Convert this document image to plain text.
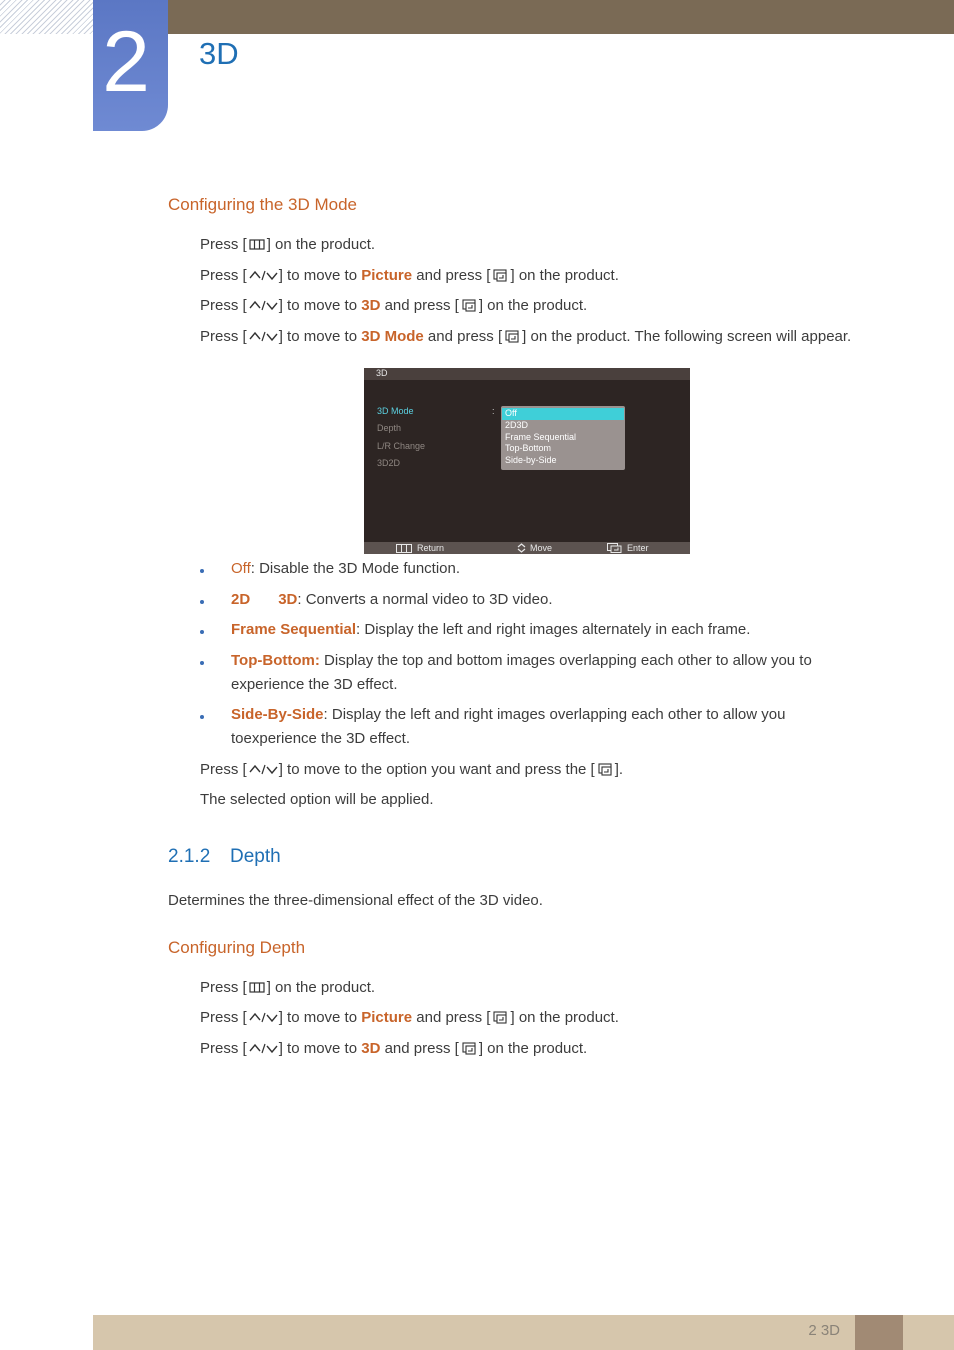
2 3D
Configuring the 3D Mode
Press [ ] on the product.
Press [ ] to move to Picture and press [ ] on the product.
Press [ ] to move to 3D and press [ ] on the product.
Press [ ] to move to 3D Mode and press [ ] on the product. The following screen will appear.
3D
3D Mode
Depth
L/R Change
3D2D
: Off
2D3D
Frame Sequential
Top-Bottom
Side-by-Side
Return	Move	Enter
Off: Disable the 3D Mode function.
2D 3D: Converts a normal video to 3D video.
Frame Sequential: Display the left and right images alternately in each frame.
Top-Bottom: Display the top and bottom images overlapping each other to allow you to experience the 3D effect.
Side-By-Side: Display the left and right images overlapping each other to allow you toexperience the 3D effect.
Press [ ] to move to the option you want and press the [ ].
The selected option will be applied.
2.1.2 Depth
Determines the three-dimensional effect of the 3D video.
Configuring Depth
Press [ ] on the product.
Press [ ] to move to Picture and press [ ] on the product.
Press [ ] to move to 3D and press [ ] on the product.
2 3D
